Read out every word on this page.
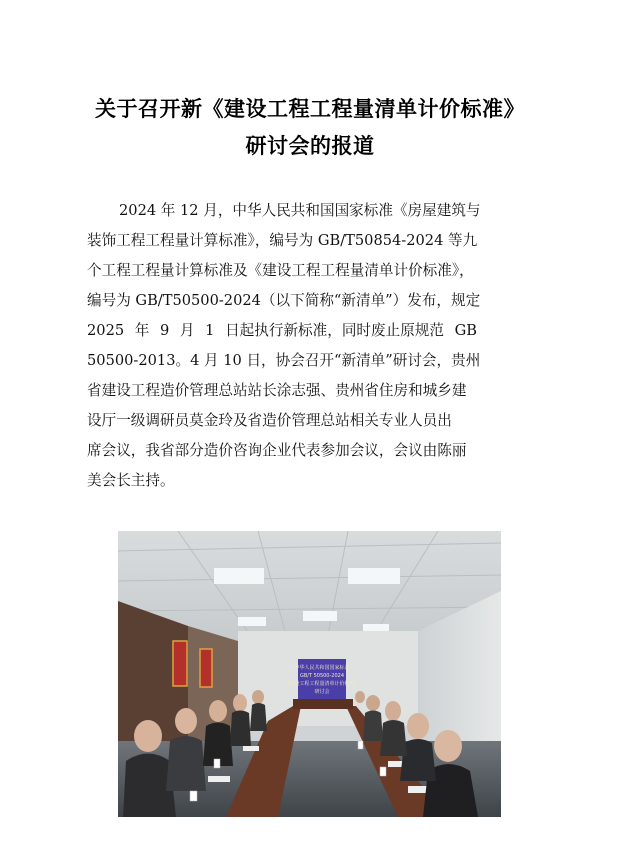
关于召开新《建设工程工程量清单计价标准》
研讨会的报道
2024 年 12 月，中华人民共和国国家标准《房屋建筑与
装饰工程工程量计算标准》，编号为 GB/T50854-2024 等九
个工程工程量计算标准及《建设工程工程量清单计价标准》，
编号为 GB/T50500-2024（以下简称“新清单”）发布，规定
2025 年 9 月 1 日起执行新标准，同时废止原规范 GB
50500-2013。4 月 10 日，协会召开“新清单”研讨会，贵州
省建设工程造价管理总站站长涂志强、贵州省住房和城乡建
设厅一级调研员莫金玲及省造价管理总站相关专业人员出
席会议，我省部分造价咨询企业代表参加会议，会议由陈丽
美会长主持。
中华人民共和国国家标准
GB/T 50500-2024
《建设工程工程量清单计价标准》
研讨会
